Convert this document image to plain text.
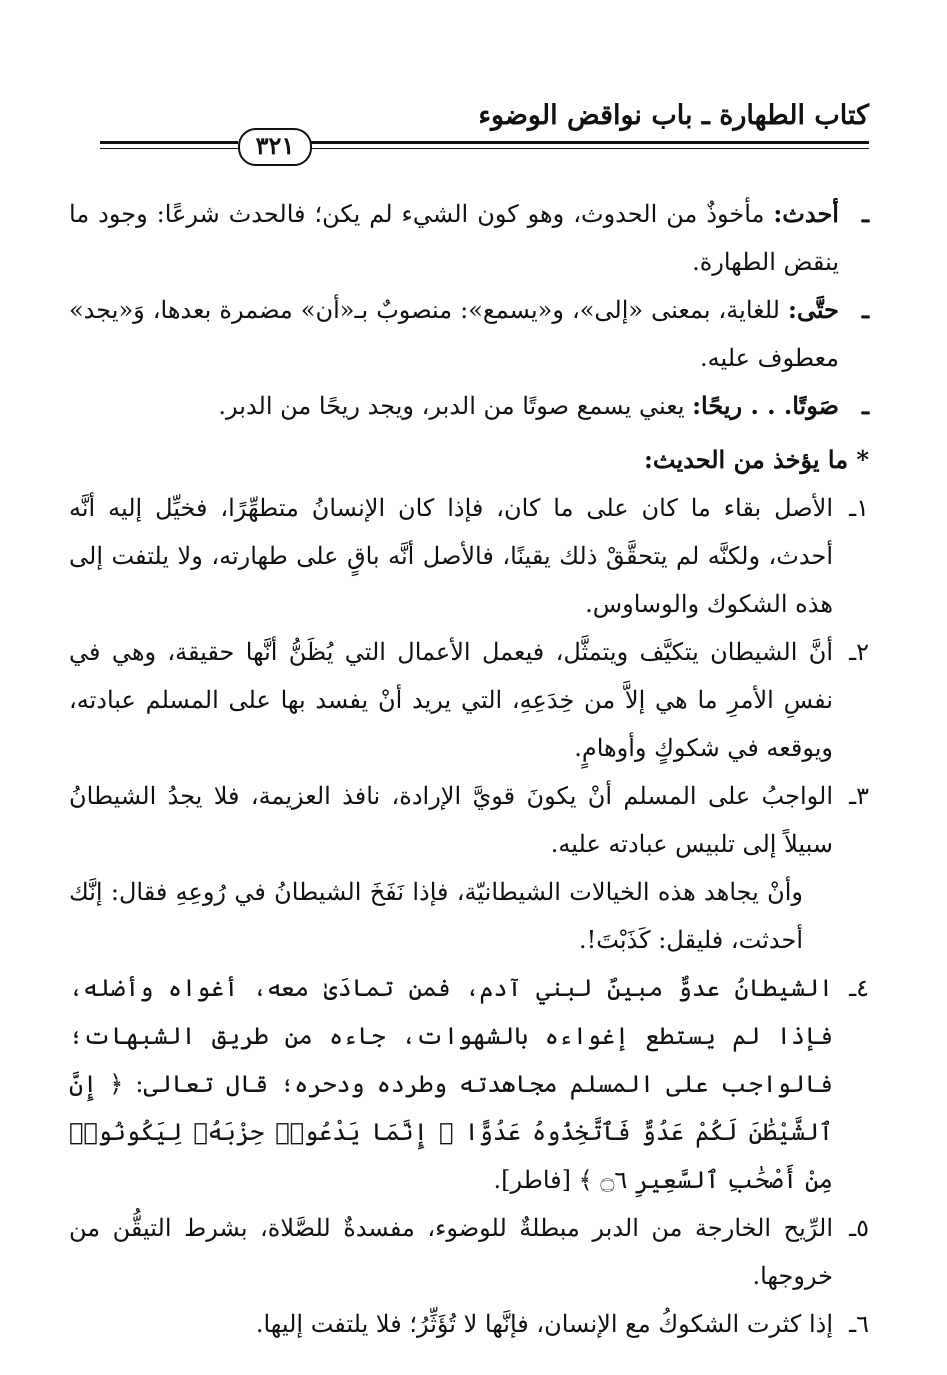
كتاب الطهارة ـ باب نواقض الوضوء
٣٢١

ـ
أحدث: مأخوذٌ من الحدوث، وهو كون الشيء لم يكن؛ فالحدث شرعًا: وجود ما ينقض الطهارة.

ـ
حتَّى: للغاية، بمعنى «إلى»، و«يسمع»: منصوبٌ بـ«أن» مضمرة بعدها، وَ«يجد» معطوف عليه.

ـ
صَوتًا. . . ريحًا: يعني يسمع صوتًا من الدبر، ويجد ريحًا من الدبر.

* ما يؤخذ من الحديث:

١ـ
الأصل بقاء ما كان على ما كان، فإذا كان الإنسانُ متطهِّرًا، فخيِّل إليه أنَّه أحدث، ولكنَّه لم يتحقَّقْ ذلك يقينًا، فالأصل أنَّه باقٍ على طهارته، ولا يلتفت إلى هذه الشكوك والوساوس.

٢ـ
أنَّ الشيطان يتكيَّف ويتمثَّل، فيعمل الأعمال التي يُظَنُّ أنَّها حقيقة، وهي في نفسِ الأمرِ ما هي إلاَّ من خِدَعِهِ، التي يريد أنْ يفسد بها على المسلم عبادته، ويوقعه في شكوكٍ وأوهامٍ.

٣ـ
الواجبُ على المسلم أنْ يكونَ قويَّ الإرادة، نافذ العزيمة، فلا يجدُ الشيطانُ سبيلاً إلى تلبيس عبادته عليه.

وأنْ يجاهد هذه الخيالات الشيطانيّة، فإذا نَفَخَ الشيطانُ في رُوعِهِ فقال: إنَّك أحدثت، فليقل: كَذَبْتَ!.

٤ـ
الشيطانُ عدوٌّ مبينٌ لبني آدم، فمن تمادَىٰ معه، أغواه وأضله، فإذا لم يستطع إغواءه بالشهوات، جاءه من طريق الشبهات؛ فالواجب على المسلم مجاهدته وطرده ودحره؛ قال تعالى: ﴿ إِنَّ ٱلشَّيْطَٰنَ لَكُمْ عَدُوٌّ فَٱتَّخِذُوهُ عَدُوًّا ۚ إِنَّمَا يَدْعُوا۟ حِزْبَهُۥ لِيَكُونُوا۟ مِنْ أَصْحَٰبِ ٱلسَّعِيرِ ۝٦ ﴾ [فاطر].

٥ـ
الرِّيح الخارجة من الدبر مبطلةٌ للوضوء، مفسدةٌ للصَّلاة، بشرط التيقُّن من خروجها.

٦ـ
إذا كثرت الشكوكُ مع الإنسان، فإنَّها لا تُؤَثِّرُ؛ فلا يلتفت إليها.
